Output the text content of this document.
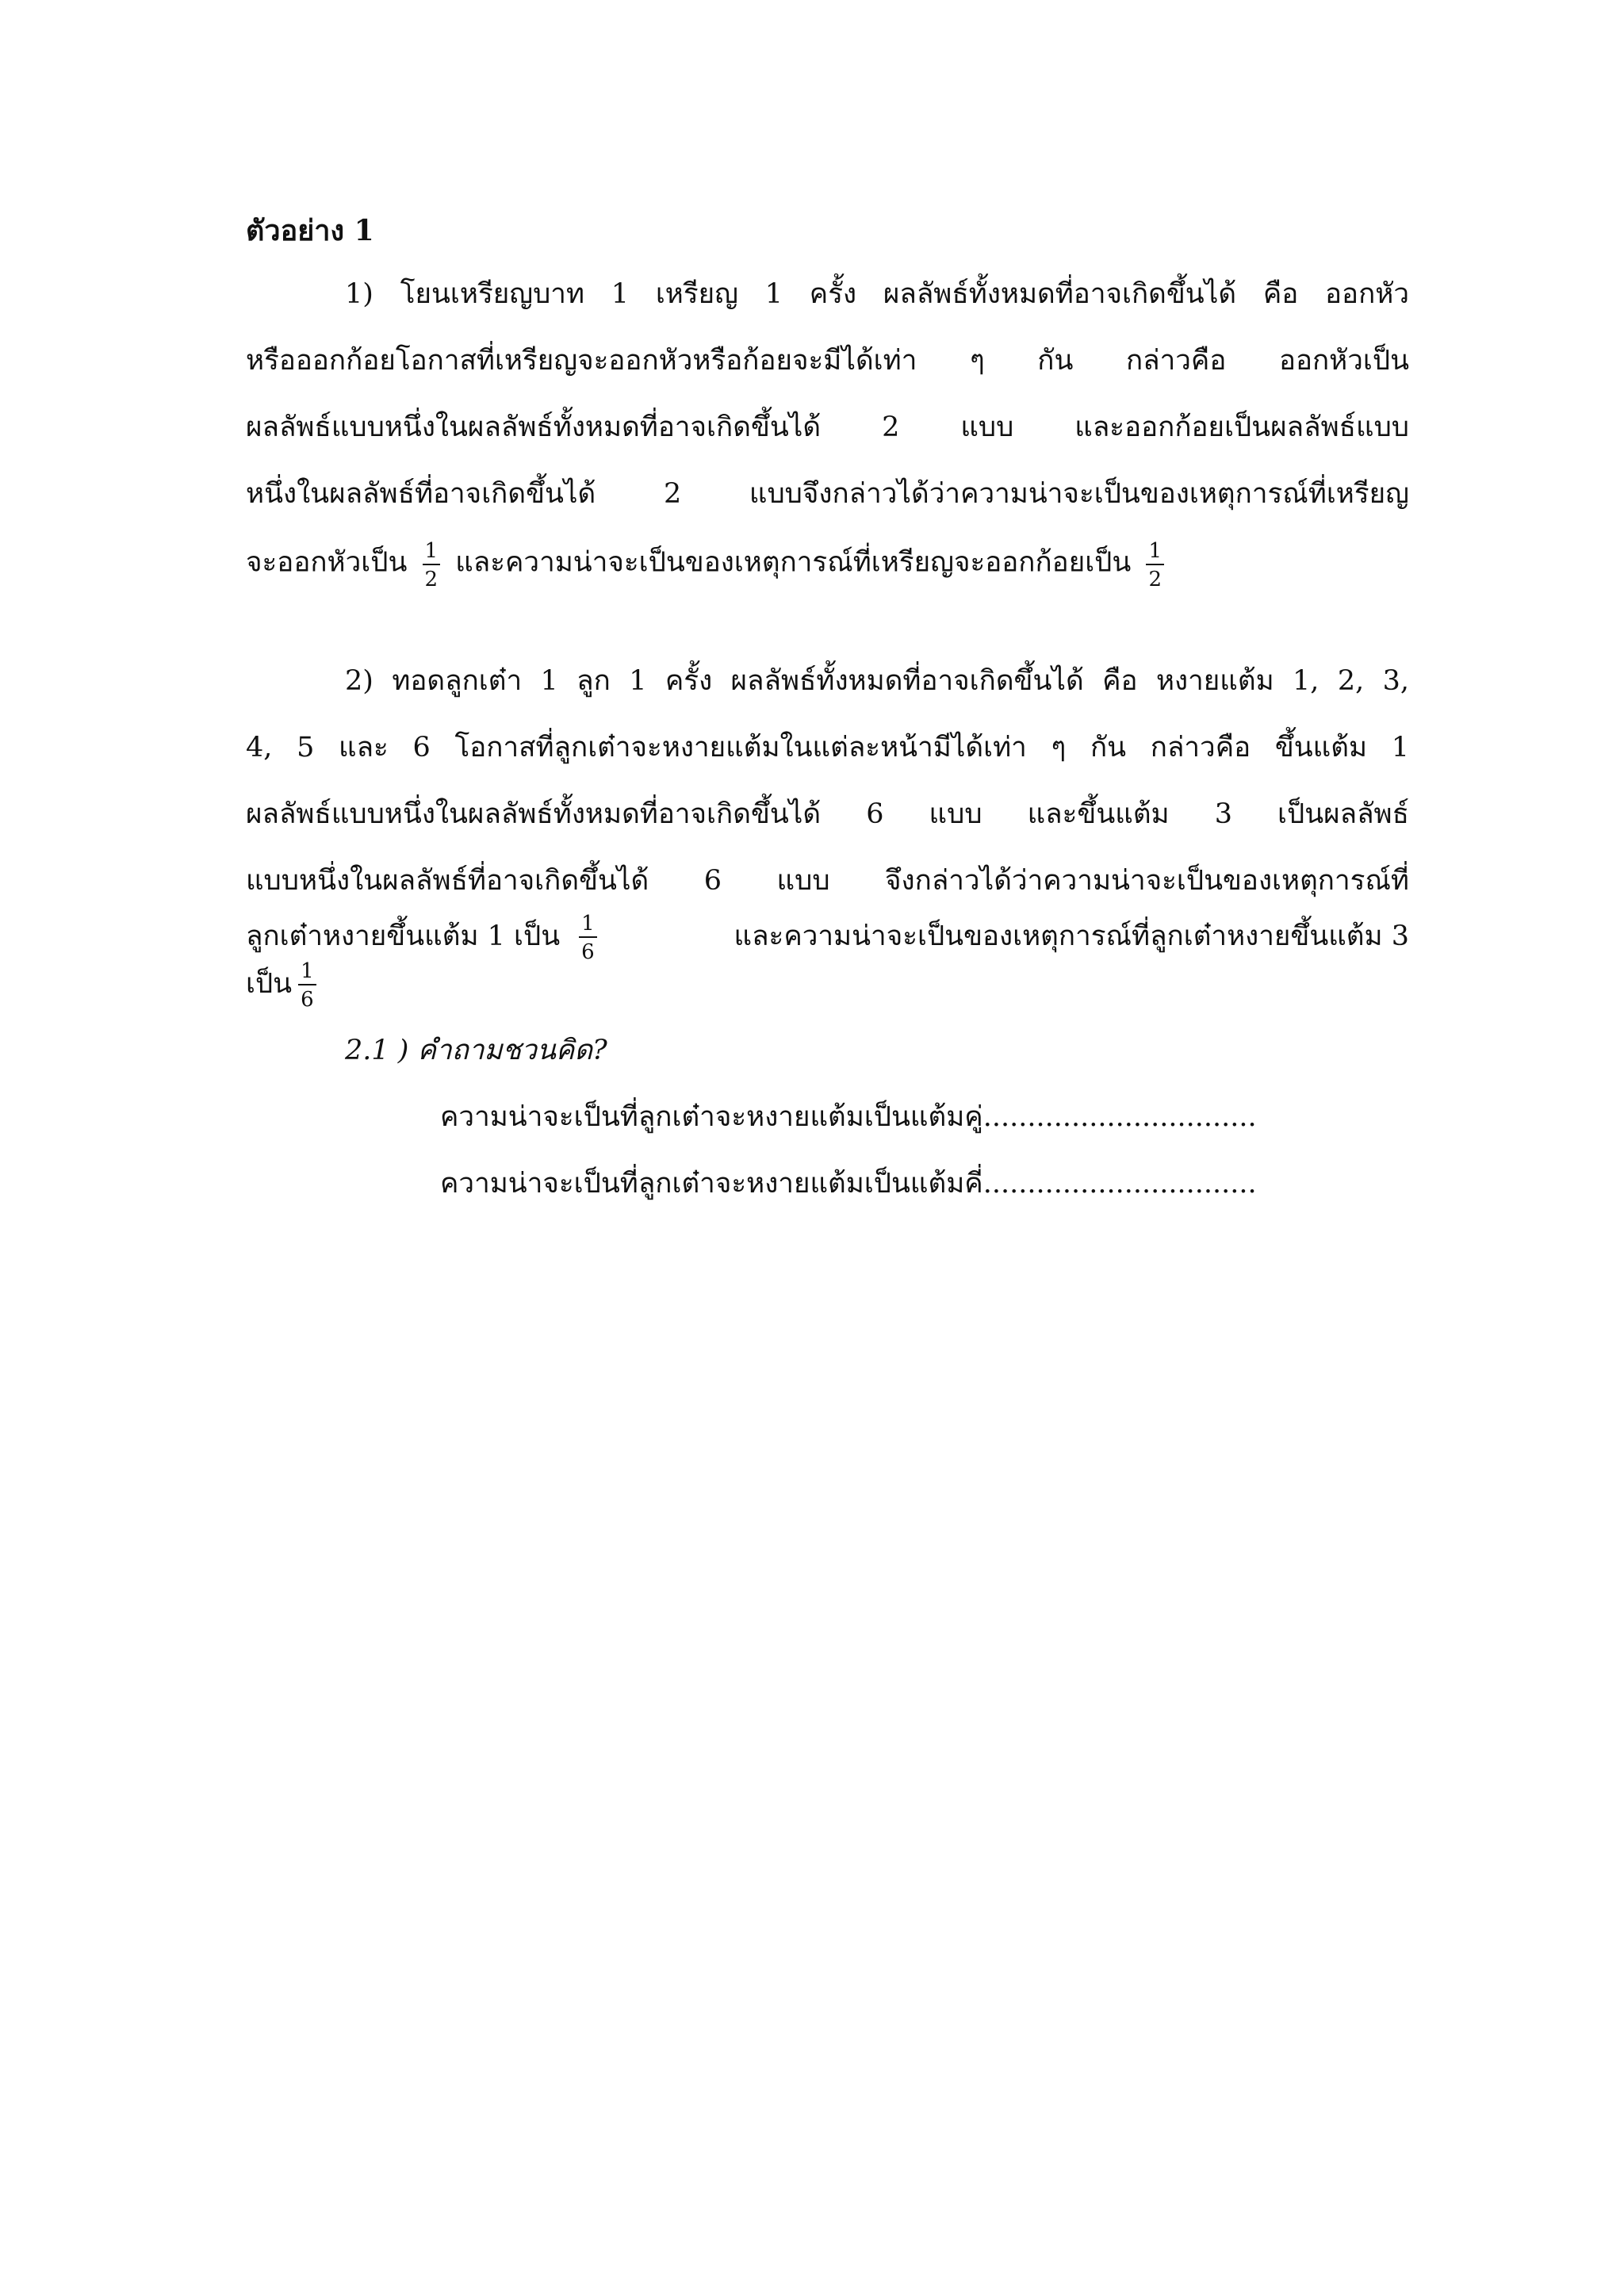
ตัวอย่าง 1
1) โยนเหรียญบาท 1 เหรียญ 1 ครั้ง ผลลัพธ์ทั้งหมดที่อาจเกิดขึ้นได้ คือ ออกหัว
หรือออกก้อยโอกาสที่เหรียญจะออกหัวหรือก้อยจะมีได้เท่า ๆ กัน กล่าวคือ ออกหัวเป็น
ผลลัพธ์แบบหนึ่งในผลลัพธ์ทั้งหมดที่อาจเกิดขึ้นได้ 2 แบบ และออกก้อยเป็นผลลัพธ์แบบ
หนึ่งในผลลัพธ์ที่อาจเกิดขึ้นได้ 2 แบบจึงกล่าวได้ว่าความน่าจะเป็นของเหตุการณ์ที่เหรียญ
จะออกหัวเป็น $\frac{1}{2}$ และความน่าจะเป็นของเหตุการณ์ที่เหรียญจะออกก้อยเป็น $\frac{1}{2}$
2) ทอดลูกเต๋า 1 ลูก 1 ครั้ง ผลลัพธ์ทั้งหมดที่อาจเกิดขึ้นได้ คือ หงายแต้ม 1, 2, 3,
4, 5 และ 6 โอกาสที่ลูกเต๋าจะหงายแต้มในแต่ละหน้ามีได้เท่า ๆ กัน กล่าวคือ ขึ้นแต้ม 1
ผลลัพธ์แบบหนึ่งในผลลัพธ์ทั้งหมดที่อาจเกิดขึ้นได้ 6 แบบ และขึ้นแต้ม 3 เป็นผลลัพธ์
แบบหนึ่งในผลลัพธ์ที่อาจเกิดขึ้นได้ 6 แบบ จึงกล่าวได้ว่าความน่าจะเป็นของเหตุการณ์ที่
ลูกเต๋าหงายขึ้นแต้ม 1 เป็น $\frac{1}{6}$	และความน่าจะเป็นของเหตุการณ์ที่ลูกเต๋าหงายขึ้นแต้ม 3
เป็น $\frac{1}{6}$
2.1 ) คำถามชวนคิด?
ความน่าจะเป็นที่ลูกเต๋าจะหงายแต้มเป็นแต้มคู่...............................
ความน่าจะเป็นที่ลูกเต๋าจะหงายแต้มเป็นแต้มคี่...............................
